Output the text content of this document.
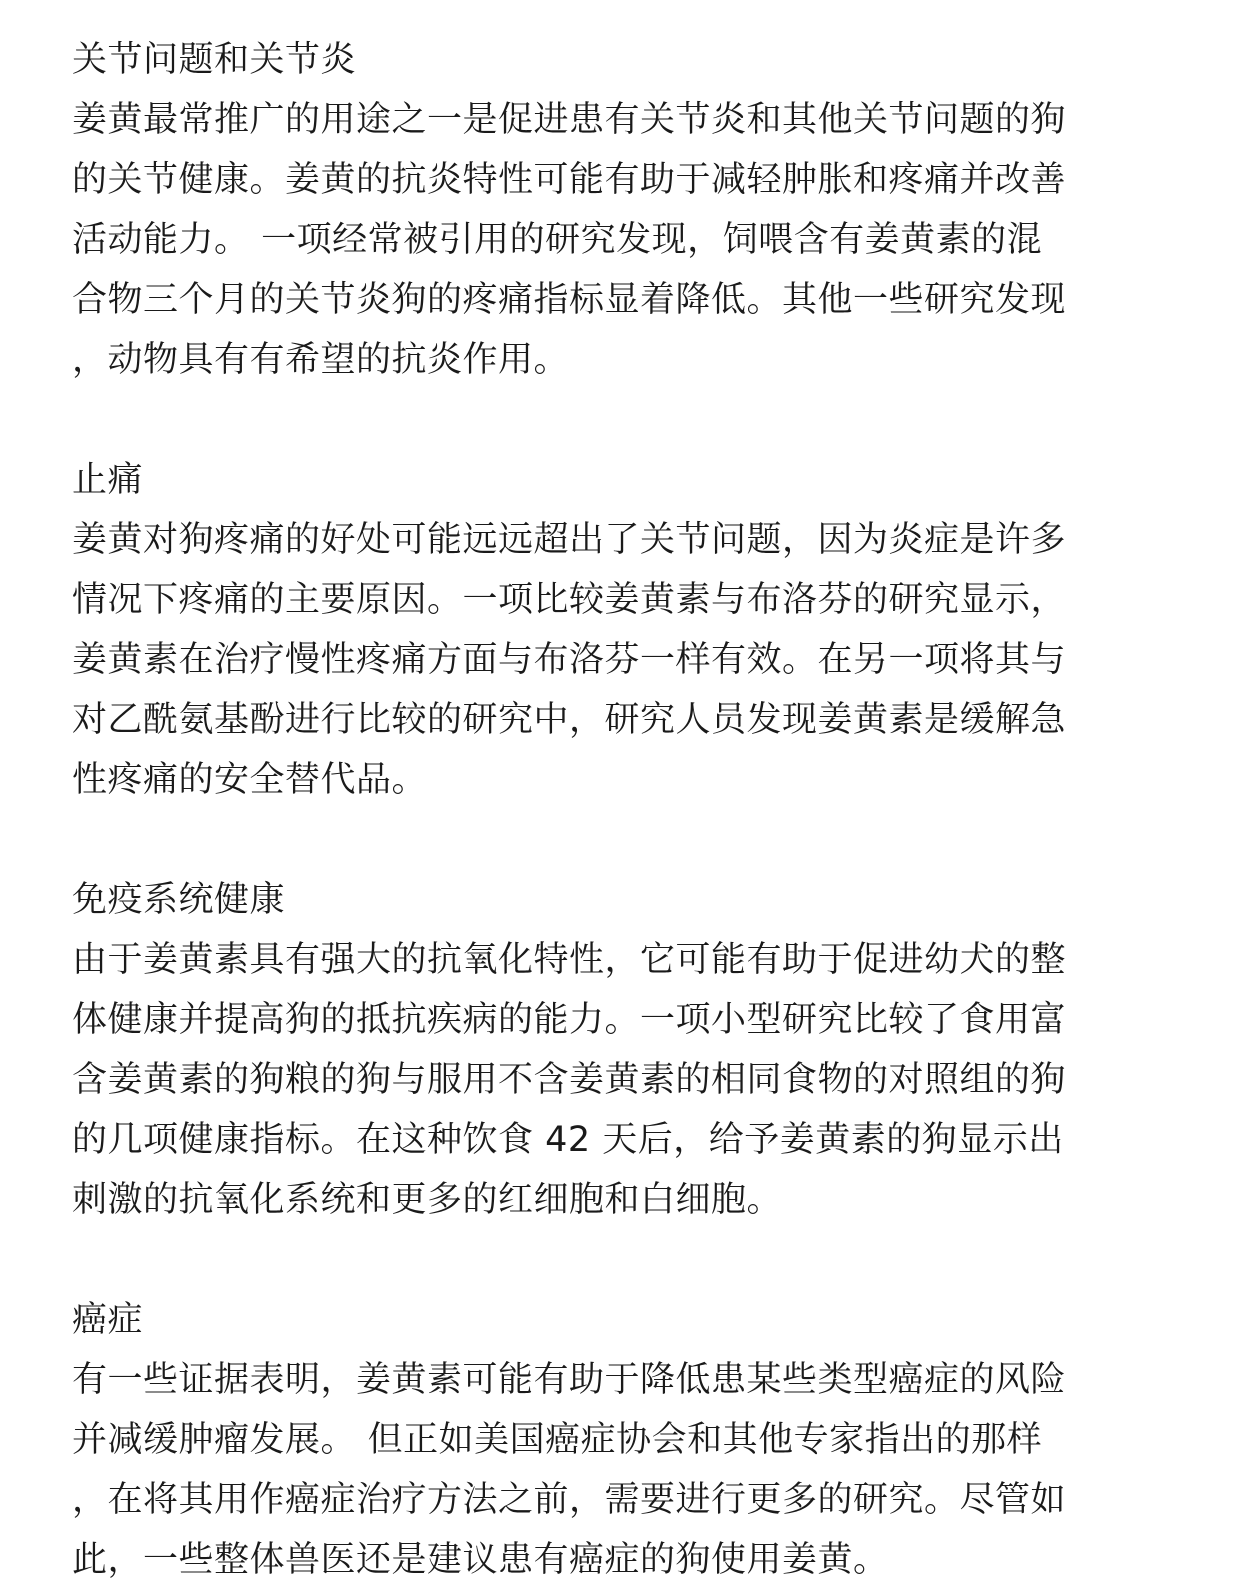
关节问题和关节炎

姜黄最常推广的用途之一是促进患有关节炎和其他关节问题的狗
的关节健康。姜黄的抗炎特性可能有助于减轻肿胀和疼痛并改善
活动能力。 一项经常被引用的研究发现，饲喂含有姜黄素的混
合物三个月的关节炎狗的疼痛指标显着降低。其他一些研究发现
，动物具有有希望的抗炎作用。

止痛

姜黄对狗疼痛的好处可能远远超出了关节问题，因为炎症是许多
情况下疼痛的主要原因。一项比较姜黄素与布洛芬的研究显示，
姜黄素在治疗慢性疼痛方面与布洛芬一样有效。在另一项将其与
对乙酰氨基酚进行比较的研究中，研究人员发现姜黄素是缓解急
性疼痛的安全替代品。

免疫系统健康

由于姜黄素具有强大的抗氧化特性，它可能有助于促进幼犬的整
体健康并提高狗的抵抗疾病的能力。一项小型研究比较了食用富
含姜黄素的狗粮的狗与服用不含姜黄素的相同食物的对照组的狗
的几项健康指标。在这种饮食 42 天后，给予姜黄素的狗显示出
刺激的抗氧化系统和更多的红细胞和白细胞。

癌症

有一些证据表明，姜黄素可能有助于降低患某些类型癌症的风险
并减缓肿瘤发展。 但正如美国癌症协会和其他专家指出的那样
，在将其用作癌症治疗方法之前，需要进行更多的研究。尽管如
此，一些整体兽医还是建议患有癌症的狗使用姜黄。
